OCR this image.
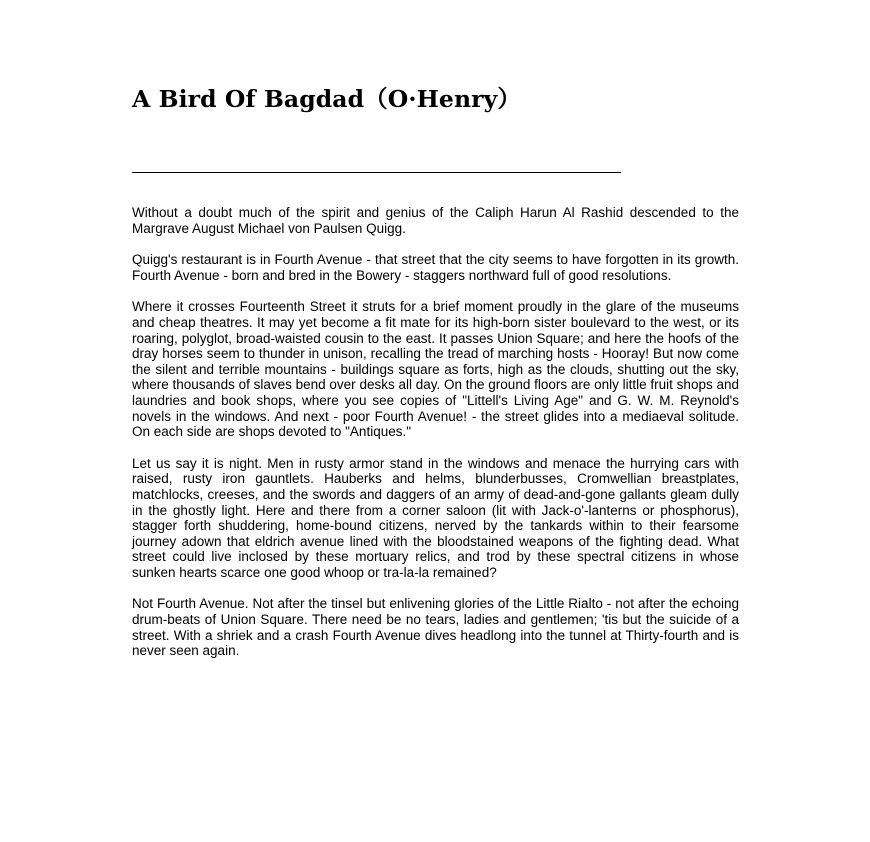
A Bird Of Bagdad（O·Henry）

Without a doubt much of the spirit and genius of the Caliph Harun Al Rashid descended to the Margrave August Michael von Paulsen Quigg.

Quigg's restaurant is in Fourth Avenue - that street that the city seems to have forgotten in its growth. Fourth Avenue - born and bred in the Bowery - staggers northward full of good resolutions.

Where it crosses Fourteenth Street it struts for a brief moment proudly in the glare of the museums and cheap theatres. It may yet become a fit mate for its high-born sister boulevard to the west, or its roaring, polyglot, broad-waisted cousin to the east. It passes Union Square; and here the hoofs of the dray horses seem to thunder in unison, recalling the tread of marching hosts - Hooray! But now come the silent and terrible mountains - buildings square as forts, high as the clouds, shutting out the sky, where thousands of slaves bend over desks all day. On the ground floors are only little fruit shops and laundries and book shops, where you see copies of "Littell's Living Age" and G. W. M. Reynold's novels in the windows. And next - poor Fourth Avenue! - the street glides into a mediaeval solitude. On each side are shops devoted to "Antiques."

Let us say it is night. Men in rusty armor stand in the windows and menace the hurrying cars with raised, rusty iron gauntlets. Hauberks and helms, blunderbusses, Cromwellian breastplates, matchlocks, creeses, and the swords and daggers of an army of dead-and-gone gallants gleam dully in the ghostly light. Here and there from a corner saloon (lit with Jack-o'-lanterns or phosphorus), stagger forth shuddering, home-bound citizens, nerved by the tankards within to their fearsome journey adown that eldrich avenue lined with the bloodstained weapons of the fighting dead. What street could live inclosed by these mortuary relics, and trod by these spectral citizens in whose sunken hearts scarce one good whoop or tra-la-la remained?

Not Fourth Avenue. Not after the tinsel but enlivening glories of the Little Rialto - not after the echoing drum-beats of Union Square. There need be no tears, ladies and gentlemen; 'tis but the suicide of a street. With a shriek and a crash Fourth Avenue dives headlong into the tunnel at Thirty-fourth and is never seen again.
